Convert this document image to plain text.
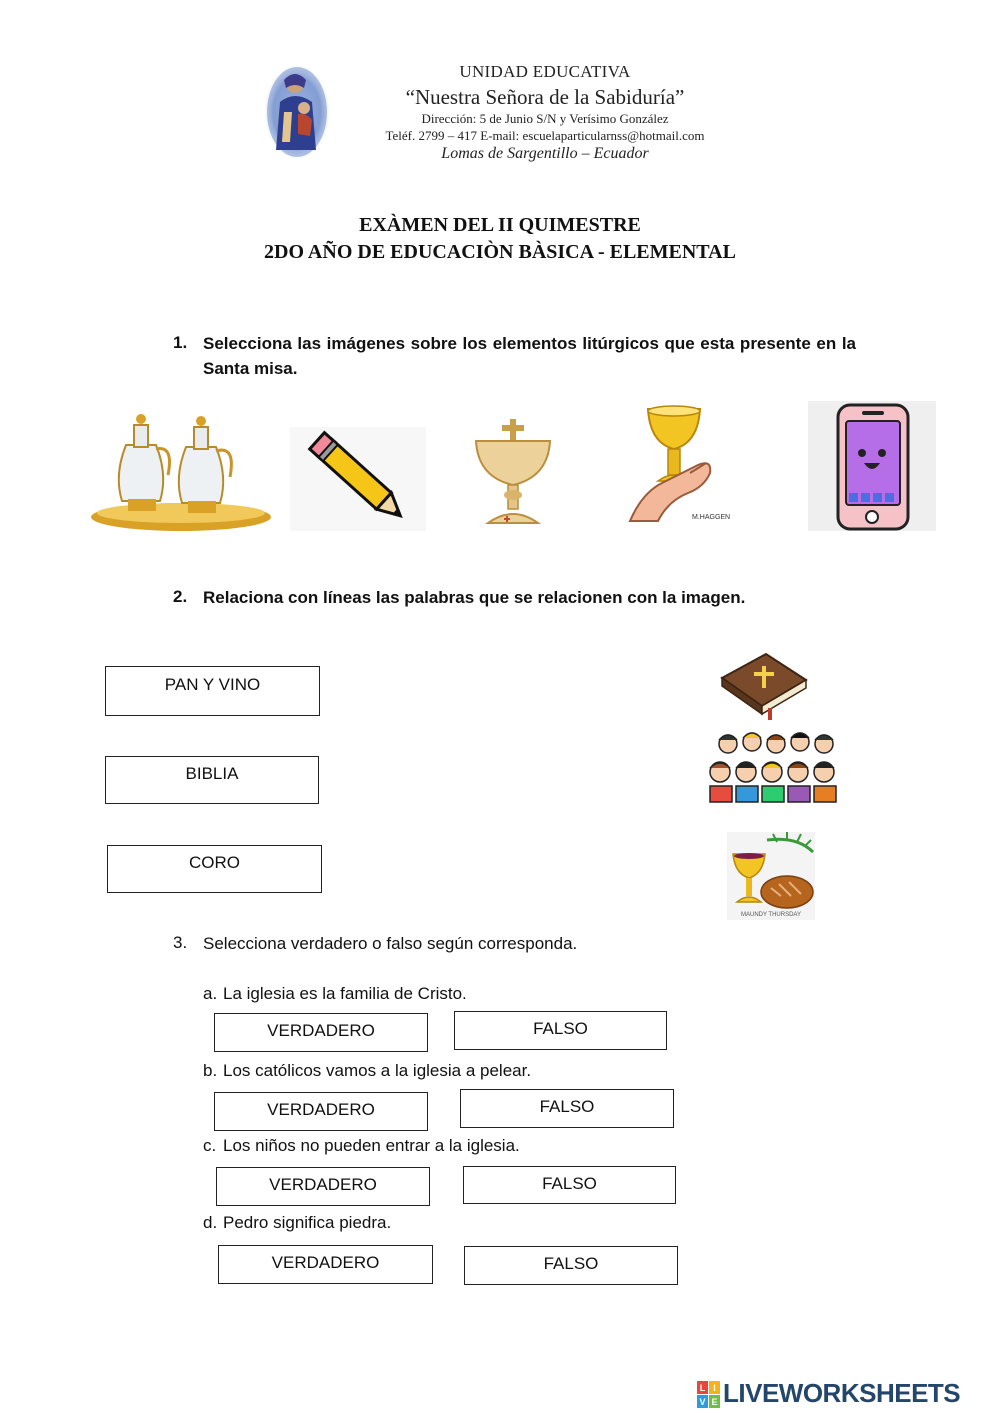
UNIDAD EDUCATIVA
“Nuestra Señora de la Sabiduría”
Dirección: 5 de Junio S/N y Verísimo González
Teléf. 2799 – 417 E-mail: escuelaparticularnss@hotmail.com
Lomas de Sargentillo – Ecuador
EXÀMEN DEL II QUIMESTRE
2DO AÑO DE EDUCACIÒN BÀSICA - ELEMENTAL
1. Selecciona las imágenes sobre los elementos litúrgicos que esta presente en la Santa misa.
M.HAGGEN
2. Relaciona con líneas las palabras que se relacionen con la imagen.
PAN Y VINO
BIBLIA
CORO
MAUNDY THURSDAY
3. Selecciona verdadero o falso según corresponda.
a. La iglesia es la familia de Cristo.
VERDADERO	FALSO
b. Los católicos vamos a la iglesia a pelear.
VERDADERO	FALSO
c. Los niños no pueden entrar a la iglesia.
VERDADERO	FALSO
d. Pedro significa piedra.
VERDADERO	FALSO
L I
V E LIVEWORKSHEETS
